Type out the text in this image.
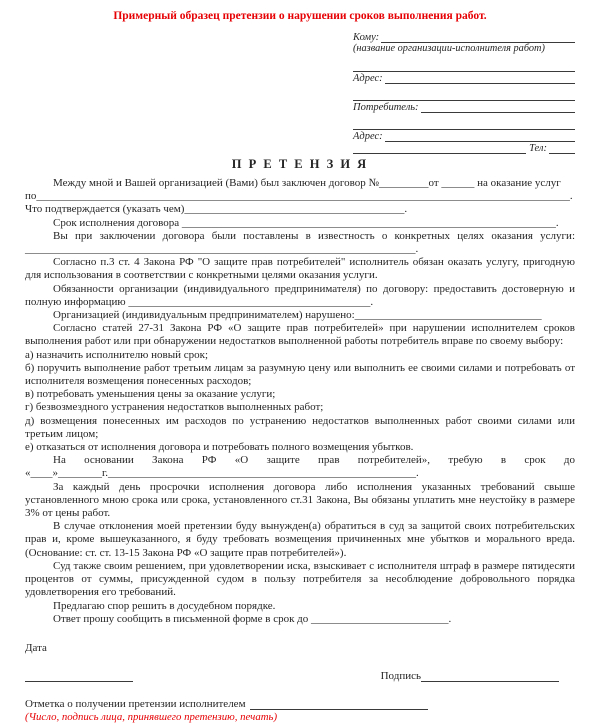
Примерный образец претензии о нарушении сроков выполнения работ.
Кому:
(название организации-исполнителя работ)
Адрес:
Потребитель:
Адрес:
Тел:
П Р Е Т Е Н З И Я
Между мной и Вашей организацией (Вами) был заключен договор №_________от ______ на оказание услуг
по_________________________________________________________________________________________________.
Что подтверждается (указать чем)________________________________________.
Срок исполнения договора ____________________________________________________________________.
Вы при заключении договора были поставлены в известность о конкретных целях оказания услуги:
_______________________________________________________________________.
Согласно п.3 ст. 4 Закона РФ "О защите прав потребителей" исполнитель обязан оказать услугу, пригодную для использования в соответствии с конкретными целями оказания услуги.
Обязанности организации (индивидуального предпринимателя) по договору: предоставить достоверную и полную информацию ____________________________________________.
Организацией (индивидуальным предпринимателем) нарушено:__________________________________
Согласно статей 27-31 Закона РФ «О защите прав потребителей» при нарушении исполнителем сроков выполнения работ или при обнаружении недостатков выполненной работы потребитель вправе по своему выбору:
а) назначить исполнителю новый срок;
б) поручить выполнение работ третьим лицам за разумную цену или выполнить ее своими силами и потребовать от исполнителя возмещения понесенных расходов;
в) потребовать уменьшения цены за оказание услуги;
г) безвозмездного устранения недостатков выполненных работ;
д) возмещения понесенных им расходов по устранению недостатков выполненных работ своими силами или третьим лицом;
е) отказаться от исполнения договора и потребовать полного возмещения убытков.
На основании Закона РФ «О защите прав потребителей», требую в срок до
«____»________г.________________________________________________________.
За каждый день просрочки исполнения договора либо исполнения указанных требований свыше установленного мною срока или срока, установленного ст.31 Закона, Вы обязаны уплатить мне неустойку в размере 3% от цены работ.
В случае отклонения моей претензии буду вынужден(а) обратиться в суд за защитой своих потребительских прав и, кроме вышеуказанного, я буду требовать возмещения причиненных мне убытков и морального вреда. (Основание: ст. ст. 13-15 Закона РФ «О защите прав потребителей»).
Суд также своим решением, при удовлетворении иска, взыскивает с исполнителя штраф в размере пятидесяти процентов от суммы, присужденной судом в пользу потребителя за несоблюдение добровольного порядка удовлетворения его требований.
Предлагаю спор решить в досудебном порядке.
Ответ прошу сообщить в письменной форме в срок до _________________________.
Дата
Подпись
Отметка о получении претензии исполнителем
(Число, подпись лица, принявшего претензию, печать)
